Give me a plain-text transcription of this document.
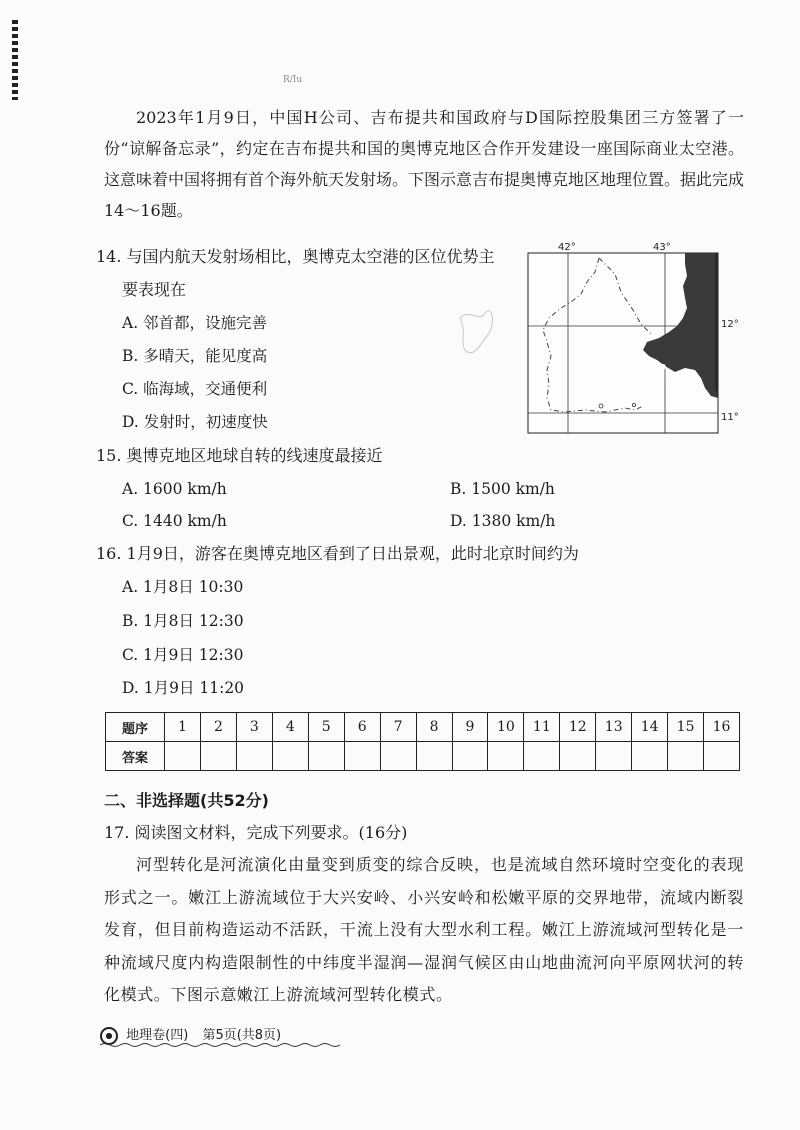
R/Iu
2023年1月9日，中国H公司、吉布提共和国政府与D国际控股集团三方签署了一份“谅解备忘录”，约定在吉布提共和国的奥博克地区合作开发建设一座国际商业太空港。这意味着中国将拥有首个海外航天发射场。下图示意吉布提奥博克地区地理位置。据此完成14～16题。
14. 与国内航天发射场相比，奥博克太空港的区位优势主
要表现在
A. 邻首都，设施完善
B. 多晴天，能见度高
C. 临海域，交通便利
D. 发射时，初速度快
吉布提
42°	43°
12°
11°
15. 奥博克地区地球自转的线速度最接近
A. 1600 km/h	B. 1500 km/h
C. 1440 km/h	D. 1380 km/h
16. 1月9日，游客在奥博克地区看到了日出景观，此时北京时间约为
A. 1月8日 10:30
B. 1月8日 12:30
C. 1月9日 12:30
D. 1月9日 11:20
题序	1	2	3	4	5	6	7	8	9	10	11	12	13	14	15	16
答案																
二、非选择题(共52分)
17. 阅读图文材料，完成下列要求。(16分)
河型转化是河流演化由量变到质变的综合反映，也是流域自然环境时空变化的表现形式之一。嫩江上游流域位于大兴安岭、小兴安岭和松嫩平原的交界地带，流域内断裂发育，但目前构造运动不活跃，干流上没有大型水利工程。嫩江上游流域河型转化是一种流域尺度内构造限制性的中纬度半湿润—湿润气候区由山地曲流河向平原网状河的转化模式。下图示意嫩江上游流域河型转化模式。
地理卷(四) 第5页(共8页)
